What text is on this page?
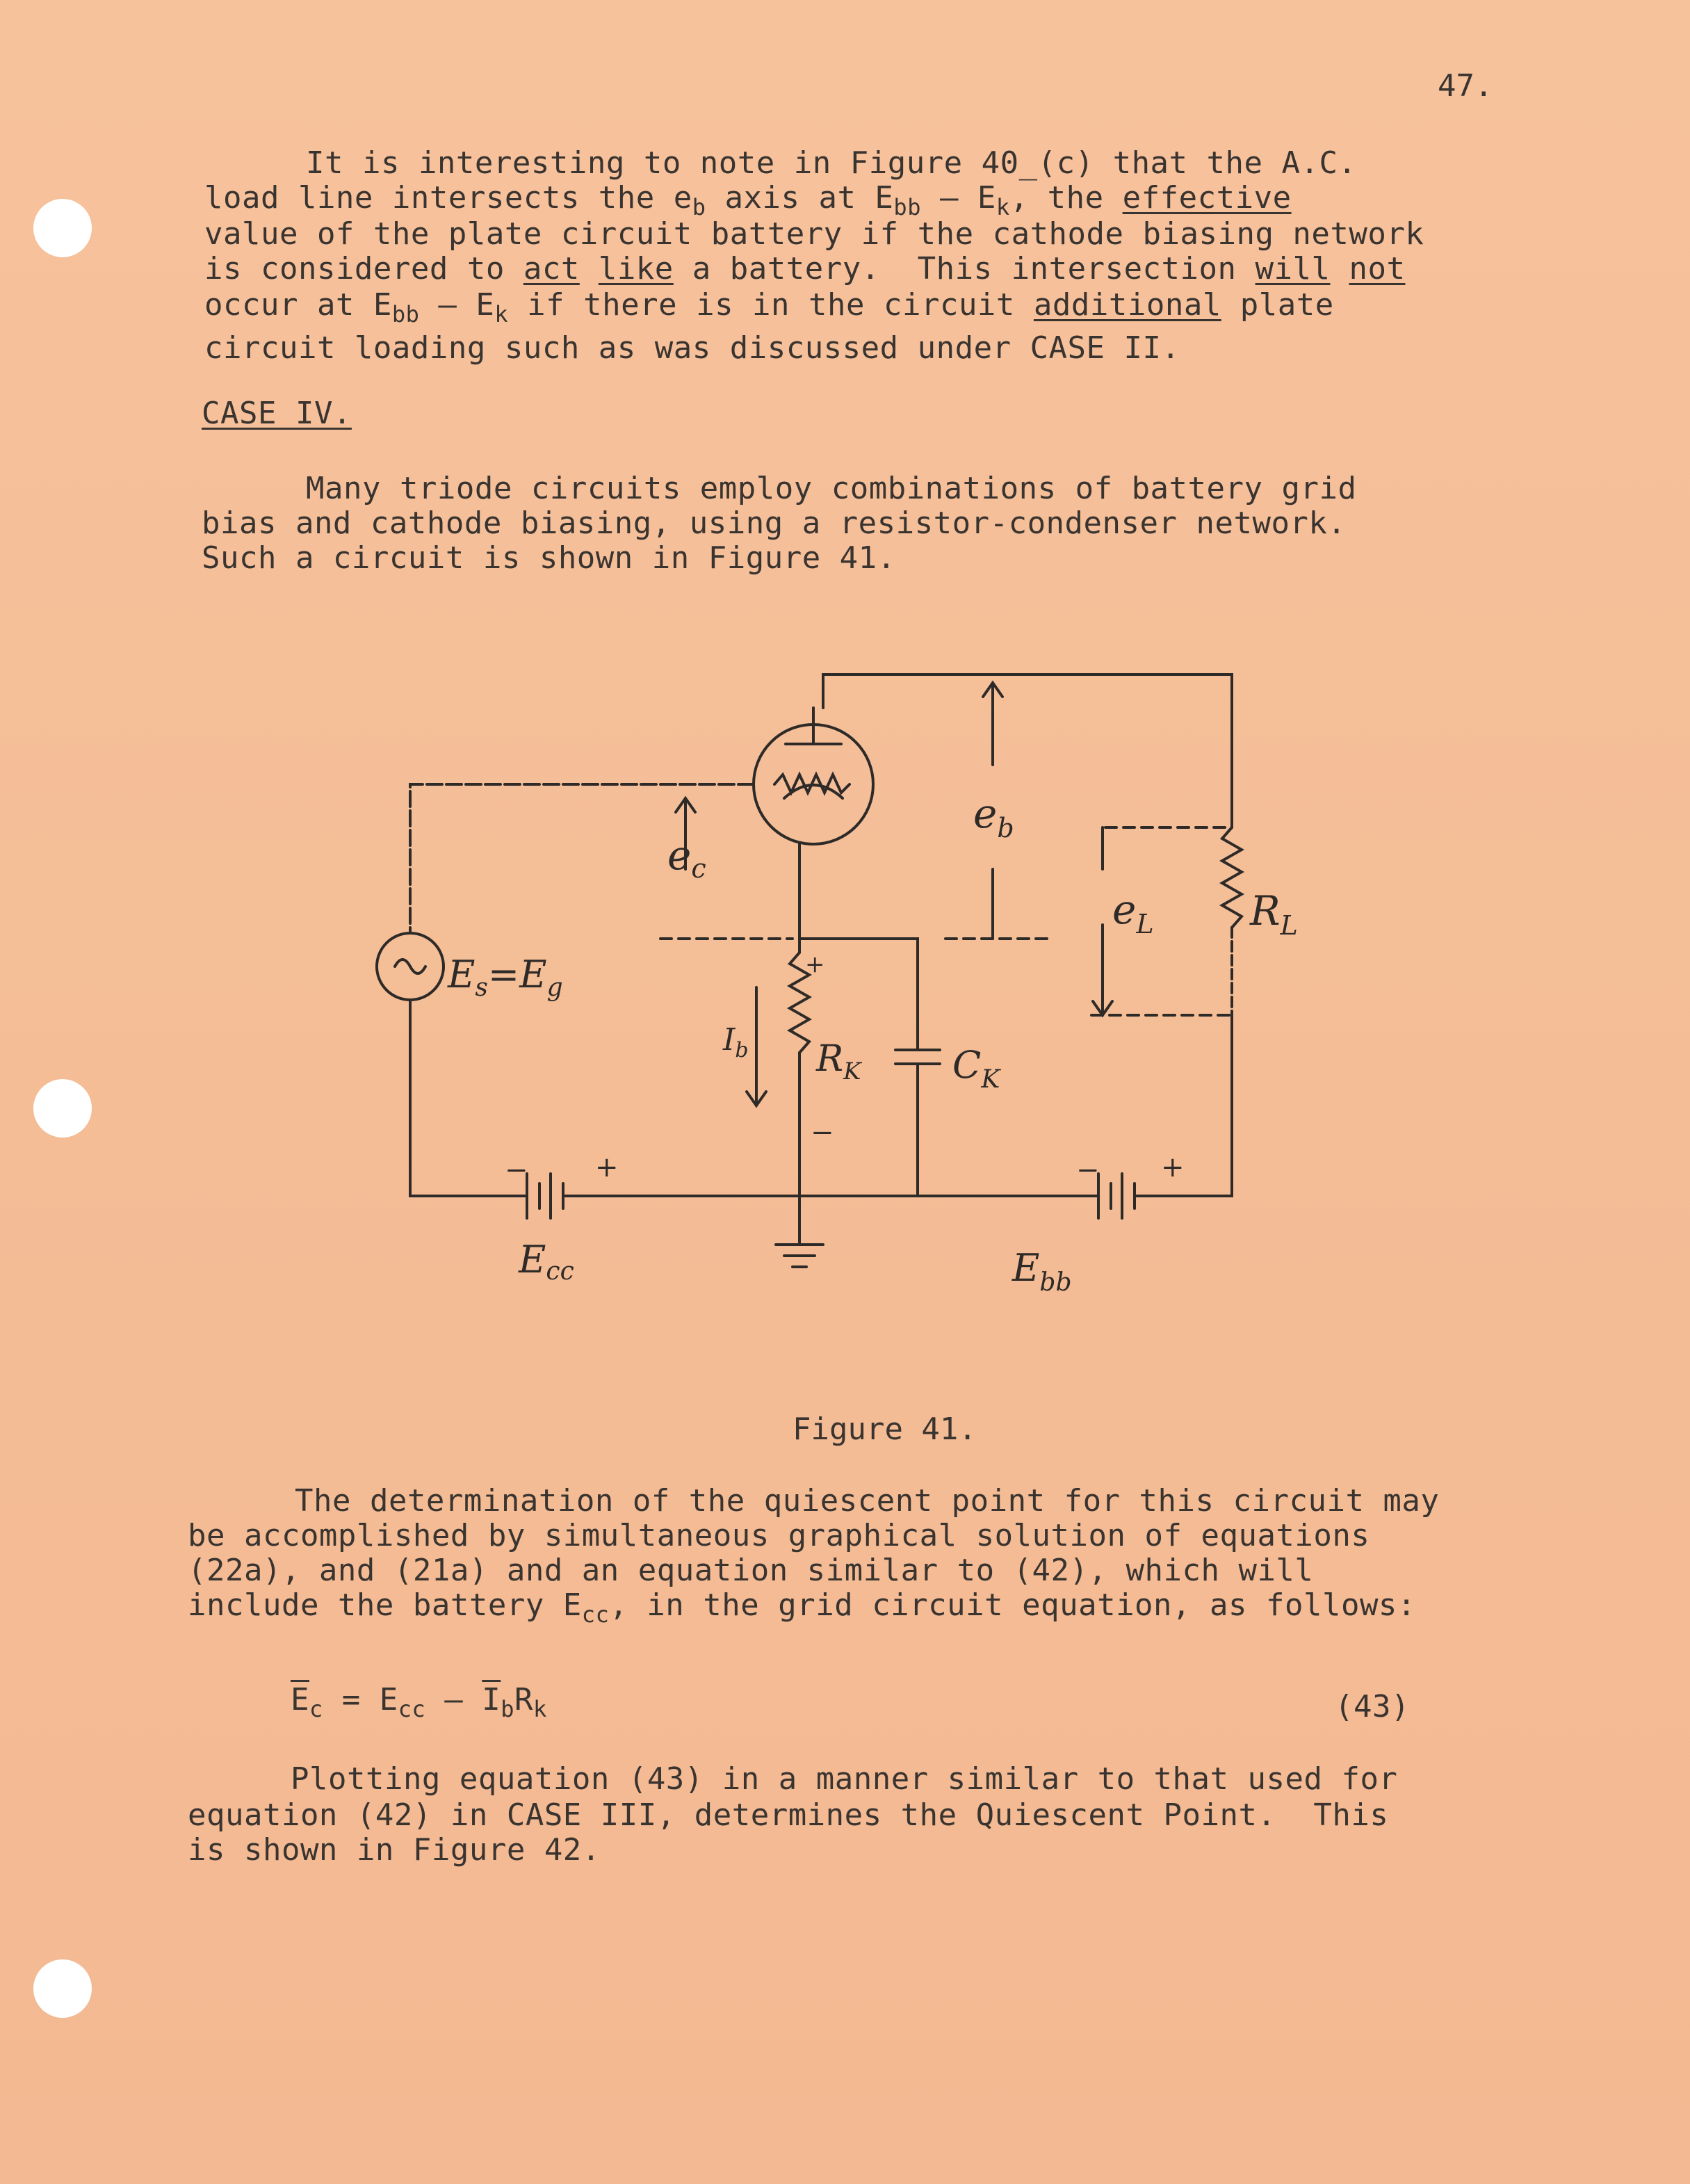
47.
It is interesting to note in Figure 40_(c) that the A.C.
load line intersects the $e_b$ axis at $E_{bb}$ — $E_k$, the effective
value of the plate circuit battery if the cathode biasing network
is considered to act like a battery.  This intersection will not
occur at $E_{bb}$ — $E_k$ if there is in the circuit additional plate
circuit loading such as was discussed under CASE II.
CASE IV.
Many triode circuits employ combinations of battery grid
bias and cathode biasing, using a resistor-condenser network.
Such a circuit is shown in Figure 41.
$e_c$
$e_b$
$e_L$ $R_L$
$E_s=E_g$
$I_b$ $R_K$ $C_K$
Ecc	$E_{bb}$
+
−
− +	− +
Figure 41.
The determination of the quiescent point for this circuit may
be accomplished by simultaneous graphical solution of equations
(22a), and (21a) and an equation similar to (42), which will
include the battery $E_{cc}$, in the grid circuit equation, as follows:
$\overline{E}_c = E_{cc}$ — $\overline{I}_bR_k$	(43)
Plotting equation (43) in a manner similar to that used for
equation (42) in CASE III, determines the Quiescent Point.  This
is shown in Figure 42.
